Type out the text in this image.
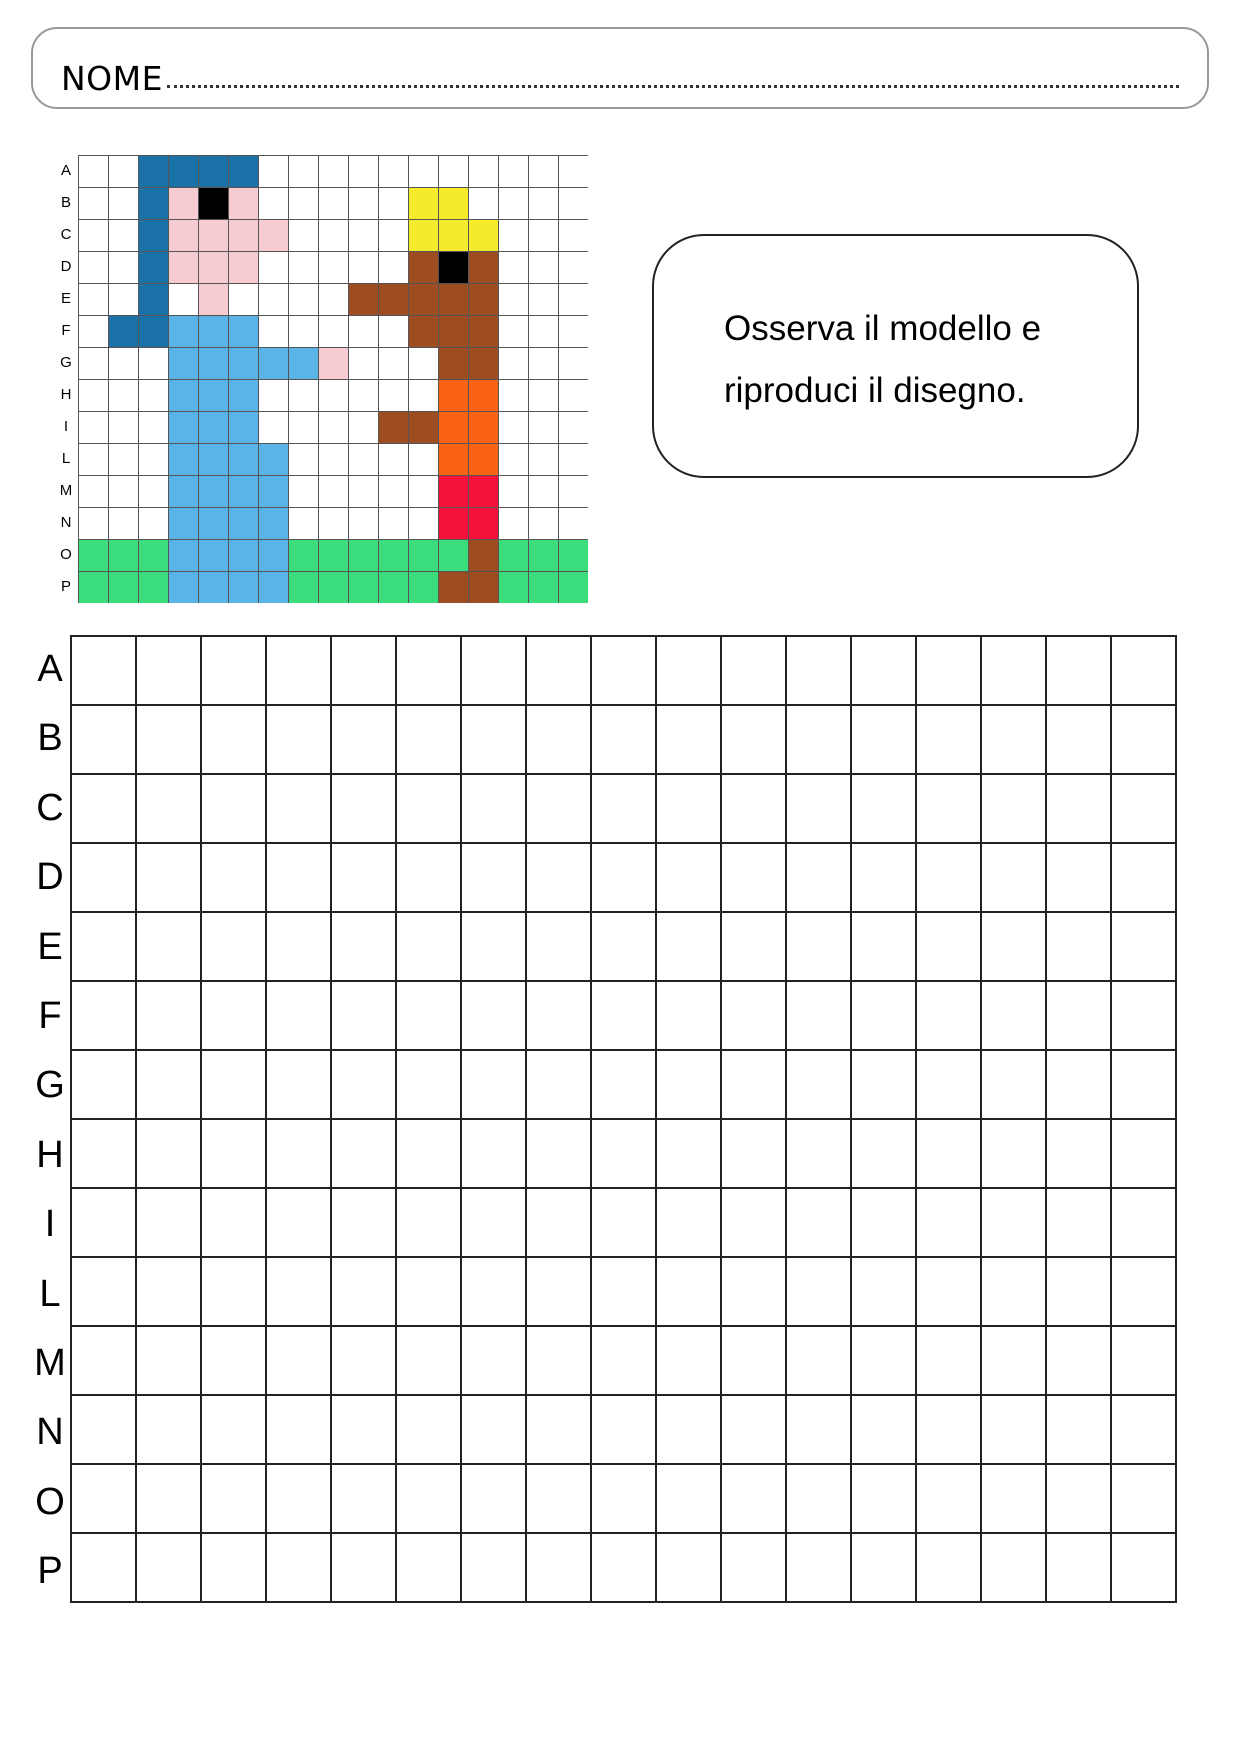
NOME
A
B
C
D
E
F
G
H
I
L
M
N
O
P
Osserva il modello e
riproduci il disegno.
A
B
C
D
E
F
G
H
I
L
M
N
O
P
